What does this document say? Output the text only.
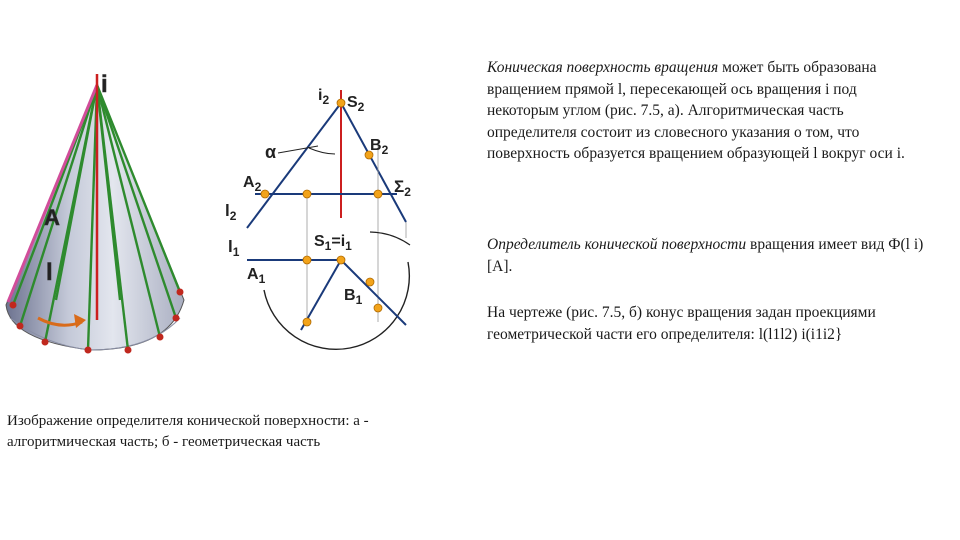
i
A
l
$i_2$ $S_2$
$B_2$
α
$A_2$	$\Sigma_2$
$l_2$
$l_1$
$S_1=i_1$
$A_1$
$B_1$

Коническая поверхность вращения может быть образована вращением прямой l, пересекающей ось вращения i под некоторым углом (рис. 7.5, а). Алгоритмическая часть определителя состоит из словесного указания о том, что поверхность образуется вращением образующей l вокруг оси i.

Определитель конической поверхности вращения имеет вид Ф(l i)[A].

На чертеже (рис. 7.5, б) конус вращения задан проекциями геометрической части его определителя: l(l1l2) i(i1i2}

Изображение определителя конической поверхности: а - алгоритмическая часть; б - геометрическая часть
